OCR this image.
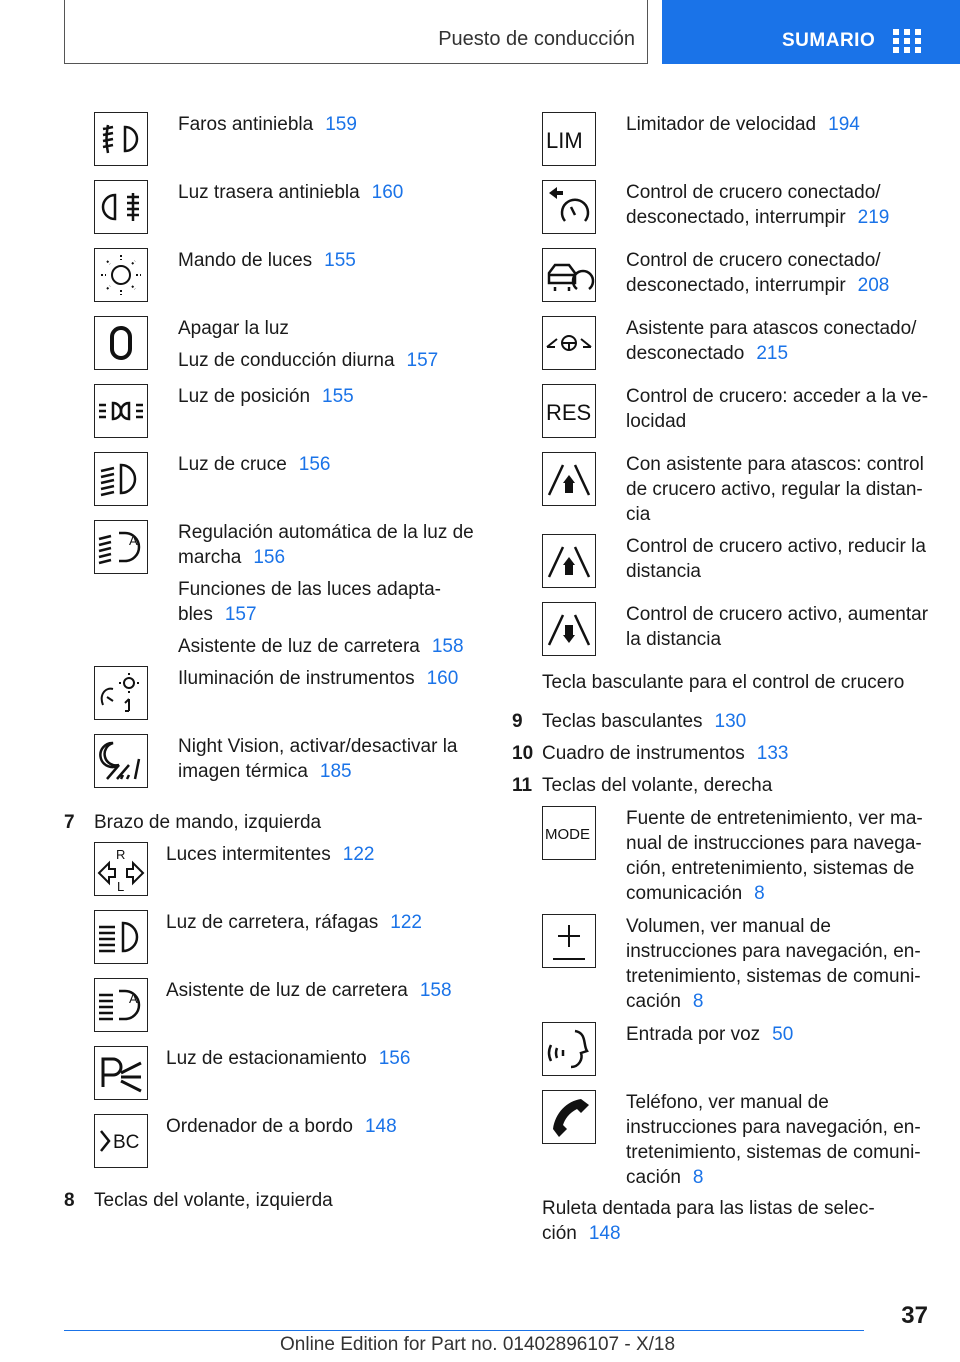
Puesto de conducción	SUMARIO
Faros antiniebla 159
Luz trasera antiniebla 160
Mando de luces 155
Apagar la luz
Luz de conducción diurna 157
Luz de posición 155
Luz de cruce 156
A Regulación automática de la luz de
marcha 156
Funciones de las luces adapta-
bles 157
Asistente de luz de carretera 158
Iluminación de instrumentos 160
Night Vision, activar/desactivar la
imagen térmica 185
7 Brazo de mando, izquierda
R
L
Luces intermitentes 122
Luz de carretera, ráfagas 122
A Asistente de luz de carretera 158
Luz de estacionamiento 156
BC
Ordenador de a bordo 148
8 Teclas del volante, izquierda
LIM
Limitador de velocidad 194
Control de crucero conectado/
desconectado, interrumpir 219
Control de crucero conectado/
desconectado, interrumpir 208
Asistente para atascos conectado/
desconectado 215
RES
Control de crucero: acceder a la ve-
locidad
Con asistente para atascos: control
de crucero activo, regular la distan-
cia
Control de crucero activo, reducir la
distancia
Control de crucero activo, aumentar
la distancia
Tecla basculante para el control de crucero
9 Teclas basculantes 130
10 Cuadro de instrumentos 133
11 Teclas del volante, derecha
MODE
Fuente de entretenimiento, ver ma-
nual de instrucciones para navega-
ción, entretenimiento, sistemas de
comunicación 8
Volumen, ver manual de
instrucciones para navegación, en-
tretenimiento, sistemas de comuni-
cación 8
Entrada por voz 50
Teléfono, ver manual de
instrucciones para navegación, en-
tretenimiento, sistemas de comuni-
cación 8
Ruleta dentada para las listas de selec-
ción 148
37
Online Edition for Part no. 01402896107 - X/18
